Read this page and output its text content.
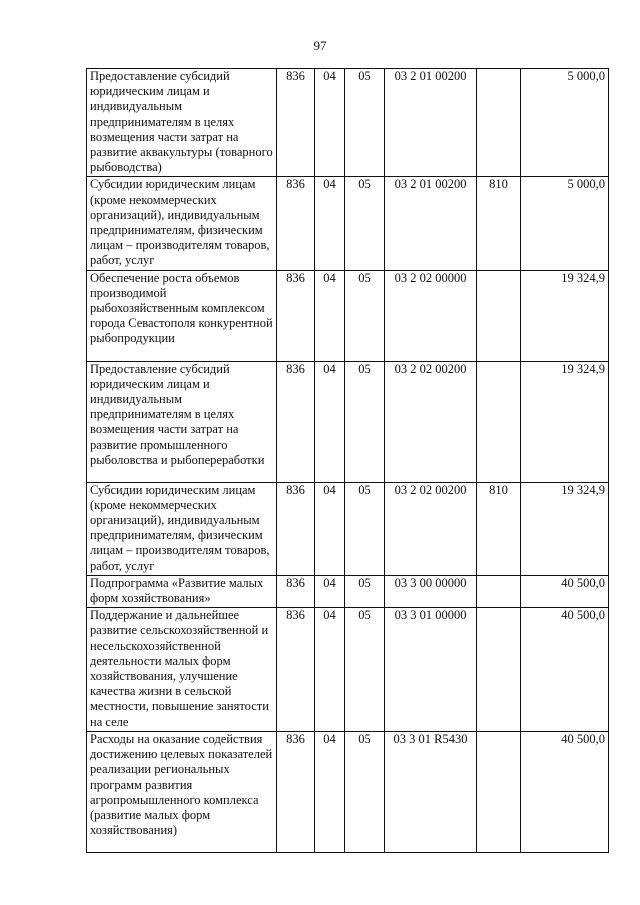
97
Предоставление субсидий юридическим лицам и индивидуальным предпринимателям в целях возмещения части затрат на развитие аквакультуры (товарного рыбоводства)	836	04	05	03 2 01 00200		5 000,0
Субсидии юридическим лицам (кроме некоммерческих организаций), индивидуальным предпринимателям, физическим лицам – производителям товаров, работ, услуг	836	04	05	03 2 01 00200	810	5 000,0
Обеспечение роста объемов производимой рыбохозяйственным комплексом города Севастополя конкурентной рыбопродукции	836	04	05	03 2 02 00000		19 324,9
Предоставление субсидий юридическим лицам и индивидуальным предпринимателям в целях возмещения части затрат на развитие промышленного рыболовства и рыбопереработки	836	04	05	03 2 02 00200		19 324,9
Субсидии юридическим лицам (кроме некоммерческих организаций), индивидуальным предпринимателям, физическим лицам – производителям товаров, работ, услуг	836	04	05	03 2 02 00200	810	19 324,9
Подпрограмма «Развитие малых форм хозяйствования»	836	04	05	03 3 00 00000		40 500,0
Поддержание и дальнейшее развитие сельскохозяйственной и несельскохозяйственной деятельности малых форм хозяйствования, улучшение качества жизни в сельской местности, повышение занятости на селе	836	04	05	03 3 01 00000		40 500,0
Расходы на оказание содействия достижению целевых показателей реализации региональных программ развития агропромышленного комплекса (развитие малых форм хозяйствования)	836	04	05	03 3 01 R5430		40 500,0
